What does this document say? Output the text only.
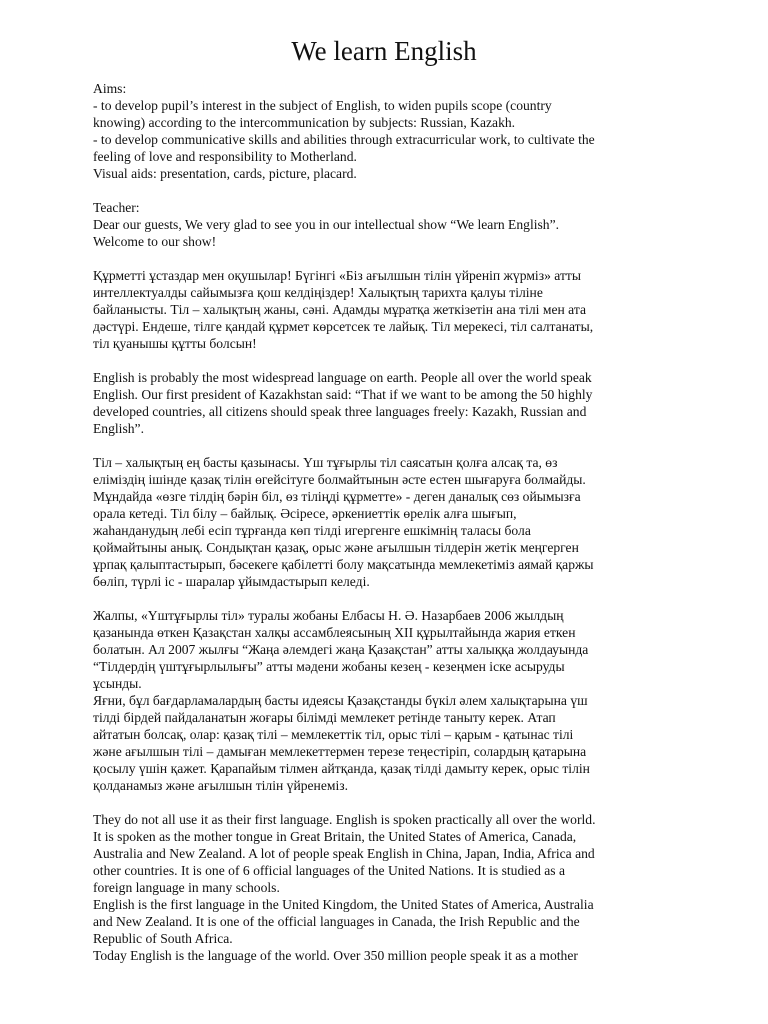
We learn English
Aims:
- to develop pupil’s interest in the subject of English, to widen pupils scope (country
knowing) according to the intercommunication by subjects: Russian, Kazakh.
- to develop communicative skills and abilities through extracurricular work, to cultivate the
feeling of love and responsibility to Motherland.
Visual aids: presentation, cards, picture, placard.
Teacher:
Dear our guests, We very glad to see you in our intellectual show “We learn English”.
Welcome to our show!
Құрметті ұстаздар мен оқушылар! Бүгінгі «Біз ағылшын тілін үйреніп жүрміз» атты
интеллектуалды сайымызға қош келдіңіздер! Халықтың тарихта қалуы тіліне
байланысты. Тіл – халықтың жаны, сәні. Адамды мұратқа жеткізетін ана тілі мен ата
дәстүрі. Ендеше, тілге қандай құрмет көрсетсек те лайық. Тіл мерекесі, тіл салтанаты,
тіл қуанышы құтты болсын!
English is probably the most widespread language on earth. People all over the world speak
English. Our first president of Kazakhstan said: “That if we want to be among the 50 highly
developed countries, all citizens should speak three languages freely: Kazakh, Russian and
English”.
Тіл – халықтың ең басты қазынасы. Үш тұғырлы тіл саясатын қолға алсақ та, өз
еліміздің ішінде қазақ тілін өгейсітуге болмайтынын әсте естен шығаруға болмайды.
Мұндайда «өзге тілдің бәрін біл, өз тіліңді құрметте» - деген даналық сөз ойымызға
орала кетеді. Тіл білу – байлық. Әсіресе, әркениеттік өрелік алға шығып,
жаһанданудың лебі есіп тұрғанда көп тілді игергенге ешкімнің таласы бола
қоймайтыны анық. Сондықтан қазақ, орыс және ағылшын тілдерін жетік меңгерген
ұрпақ қалыптастырып, бәсекеге қабілетті болу мақсатында мемлекетіміз аямай қаржы
бөліп, түрлі іс - шаралар ұйымдастырып келеді.
Жалпы, «Үштұғырлы тіл» туралы жобаны Елбасы Н. Ә. Назарбаев 2006 жылдың
қазанында өткен Қазақстан халқы ассамблеясының XII құрылтайында жария еткен
болатын. Ал 2007 жылғы “Жаңа әлемдегі жаңа Қазақстан” атты халыққа жолдауында
“Тілдердің үштұғырлылығы” атты мәдени жобаны кезең - кезеңмен іске асыруды
ұсынды.
Яғни, бұл бағдарламалардың басты идеясы Қазақстанды бүкіл әлем халықтарына үш
тілді бірдей пайдаланатын жоғары білімді мемлекет ретінде таныту керек. Атап
айтатын болсақ, олар: қазақ тілі – мемлекеттік тіл, орыс тілі – қарым - қатынас тілі
және ағылшын тілі – дамыған мемлекеттермен терезе теңестіріп, солардың қатарына
қосылу үшін қажет. Қарапайым тілмен айтқанда, қазақ тілді дамыту керек, орыс тілін
қолданамыз және ағылшын тілін үйренеміз.
They do not all use it as their first language. English is spoken practically all over the world.
It is spoken as the mother tongue in Great Britain, the United States of America, Canada,
Australia and New Zealand. A lot of people speak English in China, Japan, India, Africa and
other countries. It is one of 6 official languages of the United Nations. It is studied as a
foreign language in many schools.
English is the first language in the United Kingdom, the United States of America, Australia
and New Zealand. It is one of the official languages in Canada, the Irish Republic and the
Republic of South Africa.
Today English is the language of the world. Over 350 million people speak it as a mother
